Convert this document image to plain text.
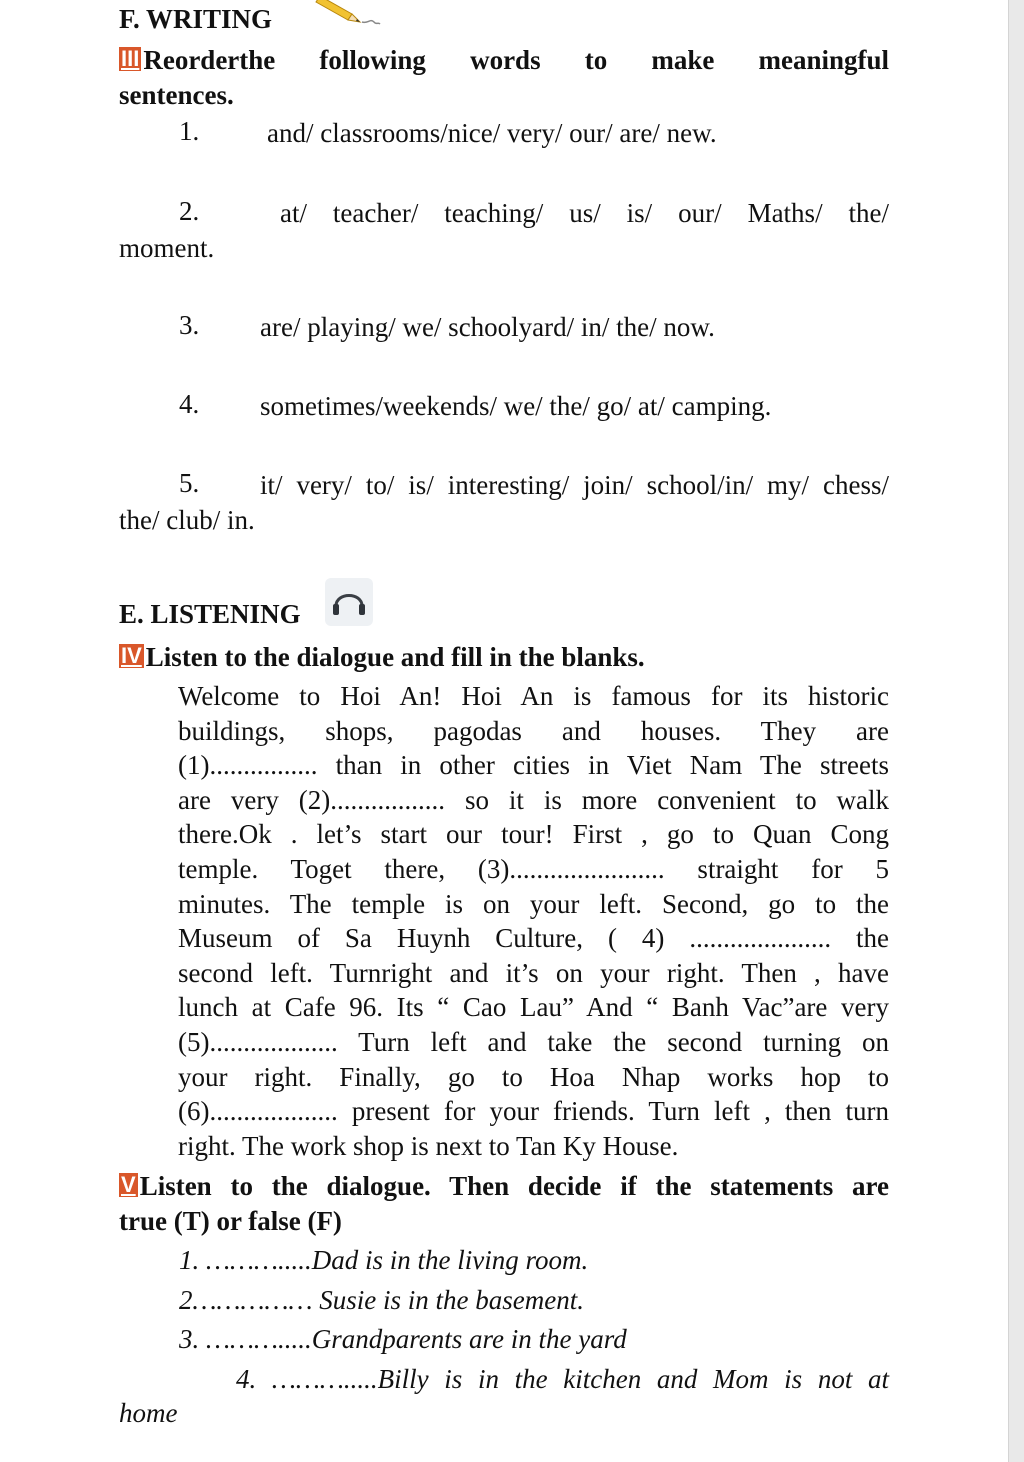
F. WRITING
III Reorderthe following words to make meaningful
sentences.
1.	and/ classrooms/nice/ very/ our/ are/ new.
2.	at/ teacher/ teaching/ us/ is/ our/ Maths/ the/
moment.
3. are/ playing/ we/ schoolyard/ in/ the/ now.
4. sometimes/weekends/ we/ the/ go/ at/ camping.
5. it/ very/ to/ is/ interesting/ join/ school/in/ my/ chess/
the/ club/ in.
E. LISTENING
IV Listen to the dialogue and fill in the blanks.
Welcome to Hoi An! Hoi An is famous for its historic
buildings, shops, pagodas and houses. They are
(1)................ than in other cities in Viet Nam The streets
are very (2)................. so it is more convenient to walk
there.Ok . let’s start our tour! First , go to Quan Cong
temple. Toget there, (3)....................... straight for 5
minutes. The temple is on your left. Second, go to the
Museum of Sa Huynh Culture, ( 4) ..................... the
second left. Turnright and it’s on your right. Then , have
lunch at Cafe 96. Its “ Cao Lau” And “ Banh Vac”are very
(5)................... Turn left and take the second turning on
your right. Finally, go to Hoa Nhap works hop to
(6)................... present for your friends. Turn left , then turn
right. The work shop is next to Tan Ky House.
V Listen to the dialogue. Then decide if the statements are
true (T) or false (F)
1. ……….....Dad is in the living room.
2…………… Susie is in the basement.
3. ……….....Grandparents are in the yard
4. ……….....Billy is in the kitchen and Mom is not at
home
